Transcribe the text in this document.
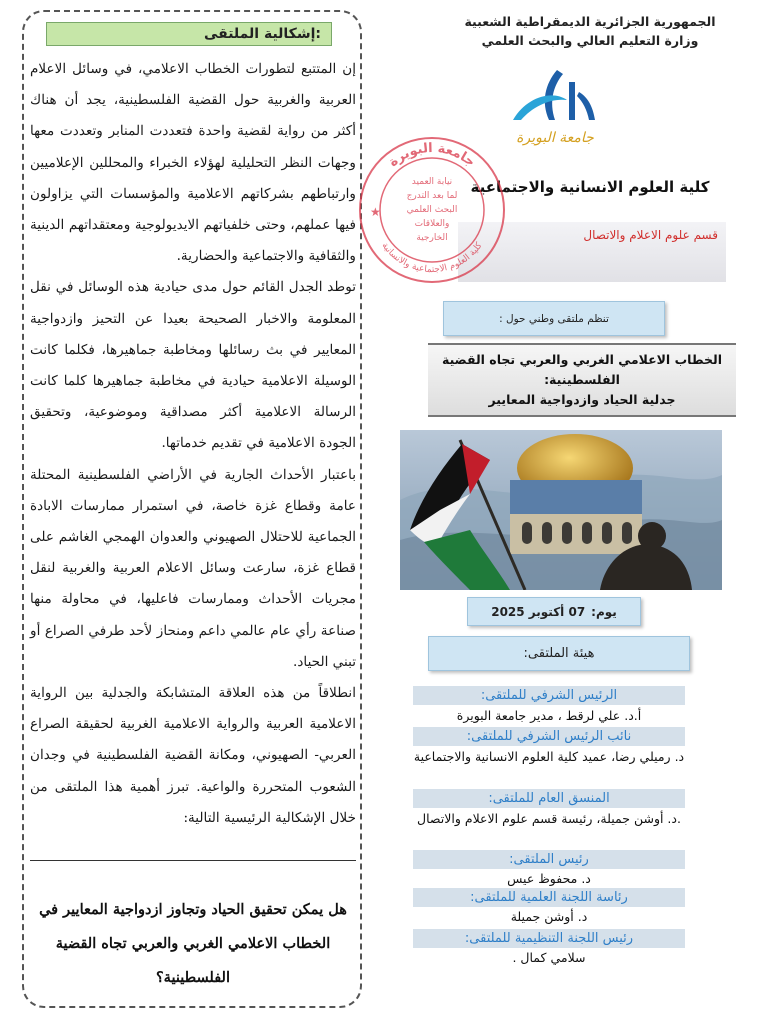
إشكالية الملتقى:

إن المتتبع لتطورات الخطاب الاعلامي، في وسائل الاعلام العربية والغربية حول القضية الفلسطينية، يجد أن هناك أكثر من رواية لقضية واحدة فتعددت المنابر وتعددت معها وجهات النظر التحليلية لهؤلاء الخبراء والمحللين الإعلاميين وارتباطهم بشركاتهم الاعلامية والمؤسسات التي يزاولون فيها عملهم، وحتى خلفياتهم الايديولوجية ومعتقداتهم الدينية والثقافية والاجتماعية والحضارية.

توطد الجدل القائم حول مدى حيادية هذه الوسائل في نقل المعلومة والاخبار الصحيحة بعيدا عن التحيز وازدواجية المعايير في بث رسائلها ومخاطبة جماهيرها، فكلما كانت الوسيلة الاعلامية حيادية في مخاطبة جماهيرها كلما كانت الرسالة الاعلامية أكثر مصداقية وموضوعية، وتحقيق الجودة الاعلامية في تقديم خدماتها.

باعتبار الأحداث الجارية في الأراضي الفلسطينية المحتلة عامة وقطاع غزة خاصة، في استمرار ممارسات الابادة الجماعية للاحتلال الصهيوني والعدوان الهمجي الغاشم على قطاع غزة، سارعت وسائل الاعلام العربية والغربية لنقل مجريات الأحداث وممارسات فاعليها، في محاولة منها صناعة رأي عام عالمي داعم ومنحاز لأحد طرفي الصراع أو تبني الحياد.

انطلاقاً من هذه العلاقة المتشابكة والجدلية بين الرواية الاعلامية العربية والرواية الاعلامية الغربية لحقيقة الصراع العربي- الصهيوني، ومكانة القضية الفلسطينية في وجدان الشعوب المتحررة والواعية. تبرز أهمية هذا الملتقى من خلال الإشكالية الرئيسية التالية:

هل يمكن تحقيق الحياد وتجاوز ازدواجية المعايير في الخطاب الاعلامي الغربي والعربي تجاه القضية الفلسطينية؟
الجمهورية الجزائرية الديمقراطية الشعبية
وزارة التعليم العالي والبحث العلمي
جامعة البويرة
كلية العلوم الانسانية والاجتماعية
قسم علوم الاعلام والاتصال
جامعة البويرة
كلية العلوم الاجتماعية والانسانية
نيابة العميد
لما بعد التدرج
البحث العلمي
والعلاقات
الخارجية
★
تنظم ملتقى وطني حول :
الخطاب الاعلامي الغربي والعربي تجاه القضية الفلسطينية:
جدلية الحياد وازدواجية المعايير
يوم:
07 أكتوبر 2025
هيئة الملتقى:
الرئيس الشرفي للملتقى:
أ.د. علي لرقط ، مدير جامعة البويرة
نائب الرئيس الشرفي للملتقى:
د. رميلي رضا، عميد كلية العلوم الانسانية والاجتماعية
المنسق العام للملتقى:
.د. أوشن جميلة، رئيسة قسم علوم الاعلام والاتصال
رئيس الملتقى:
د. محفوظ عيس
رئاسة اللجنة العلمية للملتقى:
د. أوشن جميلة
رئيس اللجنة التنظيمية للملتقى:
سلامي كمال .
